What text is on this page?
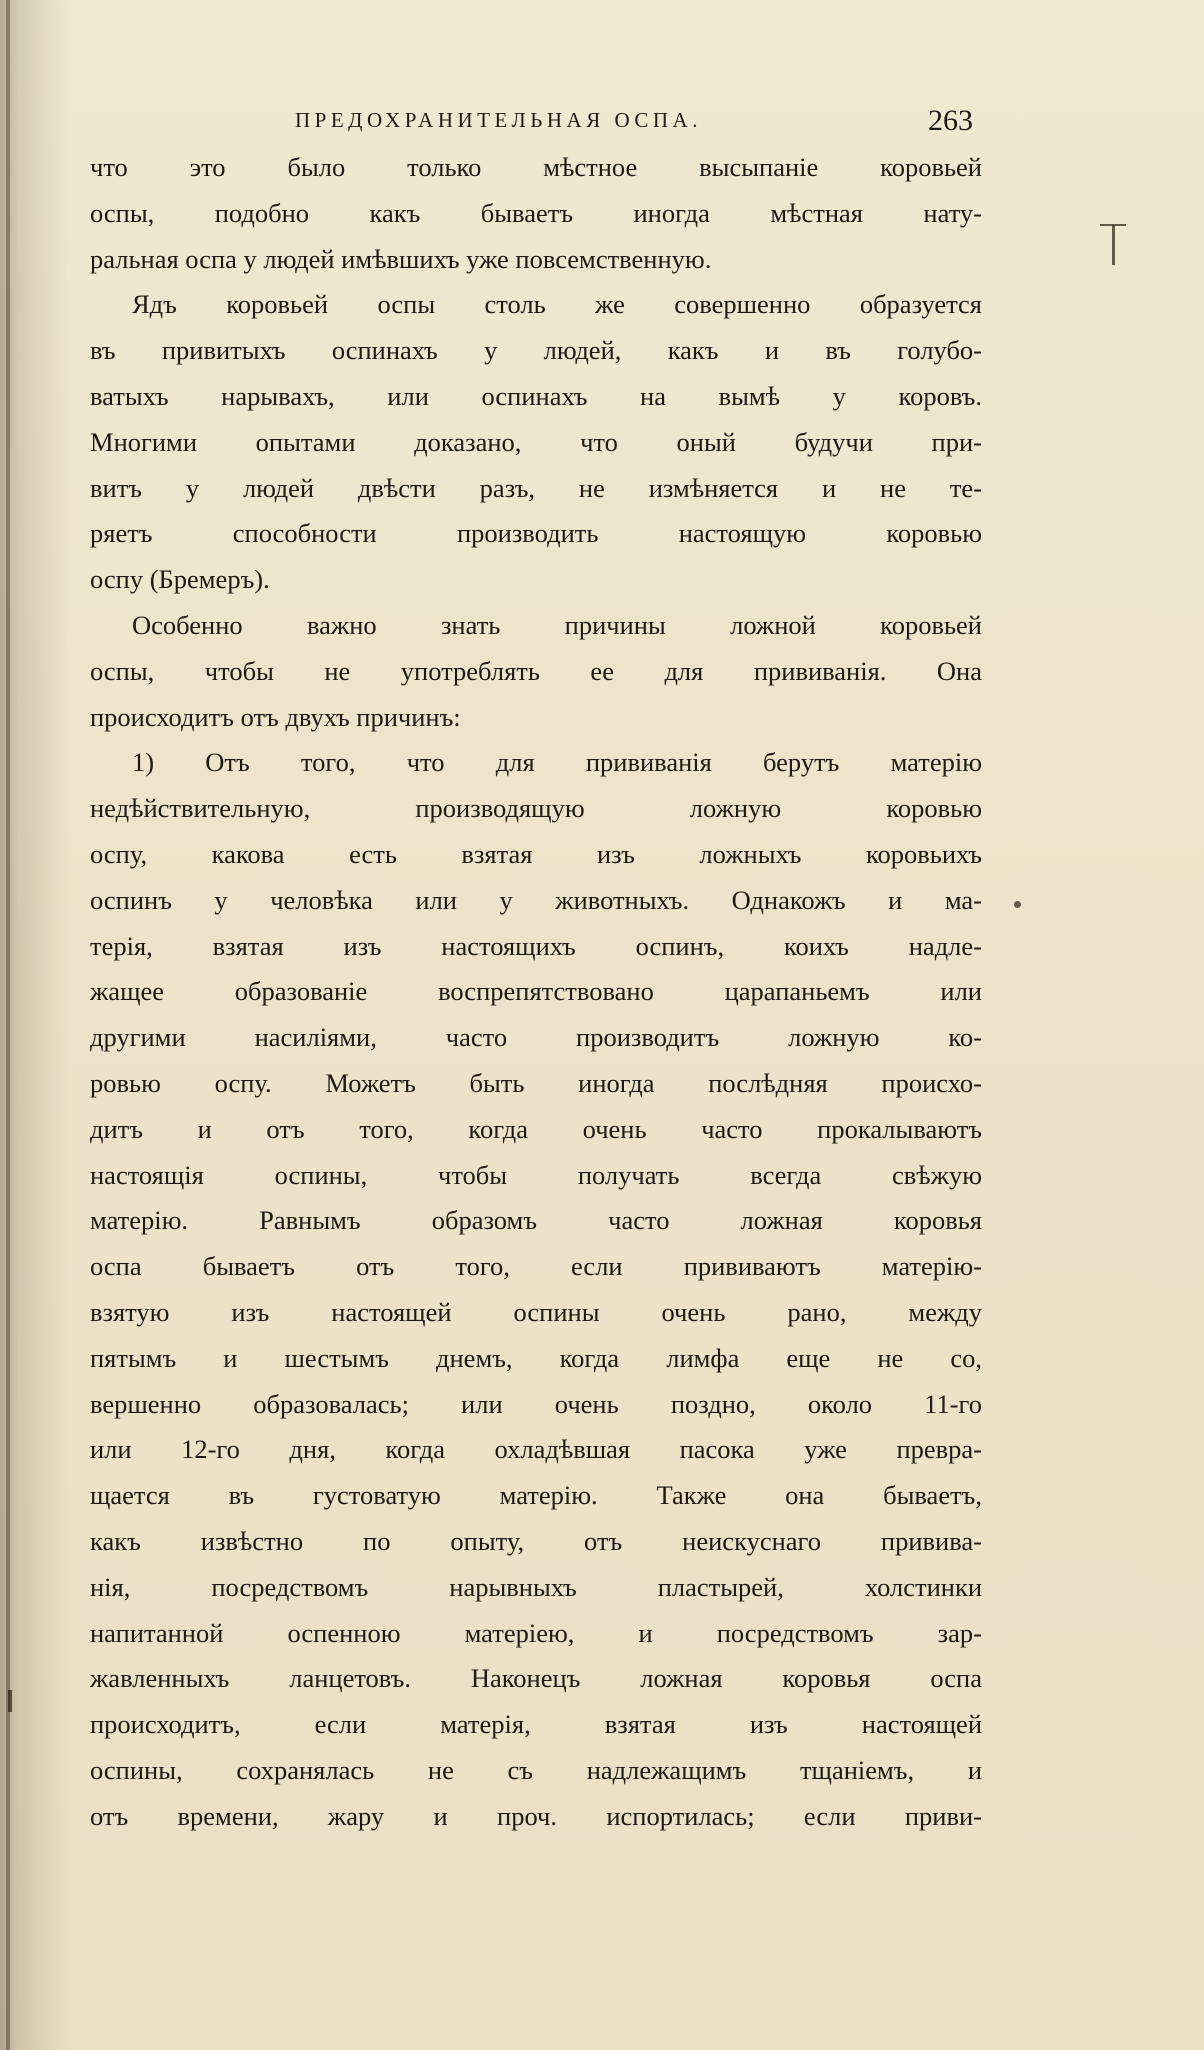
ПРЕДОХРАНИТЕЛЬНАЯ ОСПА.	263
что это было только мѣстное высыпаніе коровьей
оспы, подобно какъ бываетъ иногда мѣстная нату-
ральная оспа у людей имѣвшихъ уже повсемственную.
Ядъ коровьей оспы столь же совершенно образуется
въ привитыхъ оспинахъ у людей, какъ и въ голубо-
ватыхъ нарывахъ, или оспинахъ на вымѣ у коровъ.
Многими опытами доказано, что оный будучи при-
витъ у людей двѣсти разъ, не измѣняется и не те-
ряетъ способности производить настоящую коровью
оспу (Бремеръ).
Особенно важно знать причины ложной коровьей
оспы, чтобы не употреблять ее для прививанія. Она
происходитъ отъ двухъ причинъ:
1) Отъ того, что для прививанія берутъ матерію
недѣйствительную, производящую ложную коровью
оспу, какова есть взятая изъ ложныхъ коровьихъ
оспинъ у человѣка или у животныхъ. Однакожъ и ма-
терія, взятая изъ настоящихъ оспинъ, коихъ надле-
жащее образованіе воспрепятствовано царапаньемъ или
другими насиліями, часто производитъ ложную ко-
ровью оспу. Можетъ быть иногда послѣдняя происхо-
дитъ и отъ того, когда очень часто прокалываютъ
настоящія оспины, чтобы получать всегда свѣжую
матерію. Равнымъ образомъ часто ложная коровья
оспа бываетъ отъ того, если прививаютъ матерію-
взятую изъ настоящей оспины очень рано, между
пятымъ и шестымъ днемъ, когда лимфа еще не со,
вершенно образовалась; или очень поздно, около 11-го
или 12-го дня, когда охладѣвшая пасока уже превра-
щается въ густоватую матерію. Также она бываетъ,
какъ извѣстно по опыту, отъ неискуснаго привива-
нія, посредствомъ нарывныхъ пластырей, холстинки
напитанной оспенною матеріею, и посредствомъ зар-
жавленныхъ ланцетовъ. Наконецъ ложная коровья оспа
происходитъ, если матерія, взятая изъ настоящей
оспины, сохранялась не съ надлежащимъ тщаніемъ, и
отъ времени, жару и проч. испортилась; если приви-
